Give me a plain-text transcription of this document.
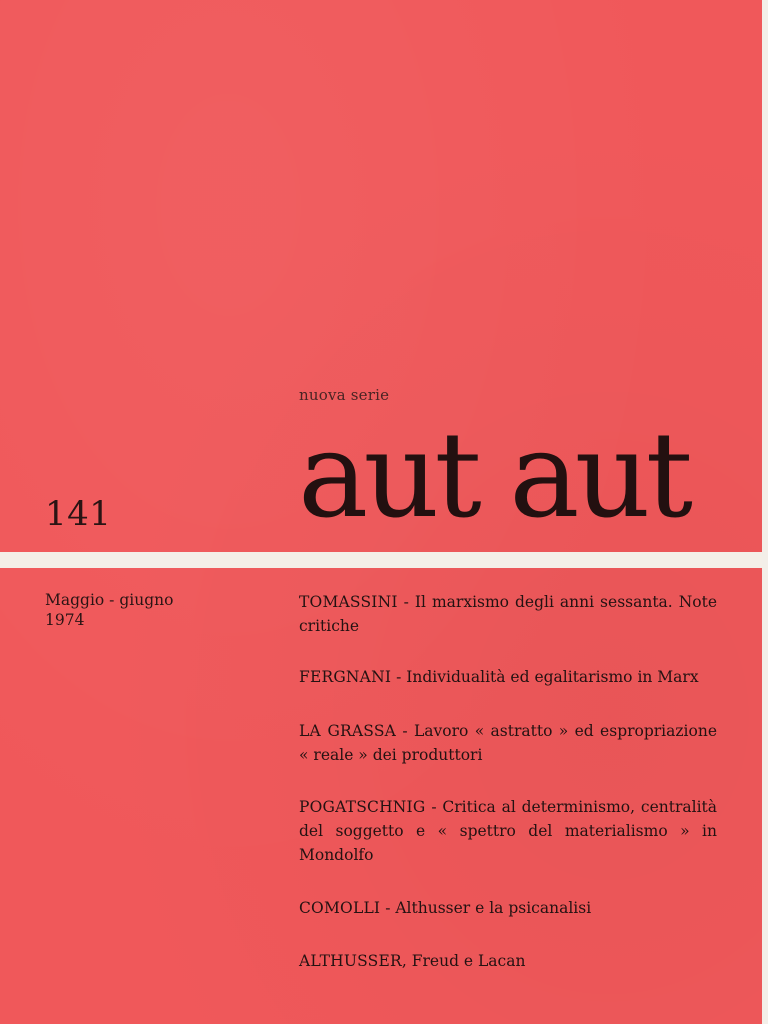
nuova serie
aut aut
141
Maggio - giugno
1974
TOMASSINI - Il marxismo degli anni sessanta. Note critiche
FERGNANI - Individualità ed egalitarismo in Marx
LA GRASSA - Lavoro « astratto » ed espropriazione « reale » dei produttori
POGATSCHNIG - Critica al determinismo, centralità del soggetto e « spettro del materialismo » in Mondolfo
COMOLLI - Althusser e la psicanalisi
ALTHUSSER, Freud e Lacan
